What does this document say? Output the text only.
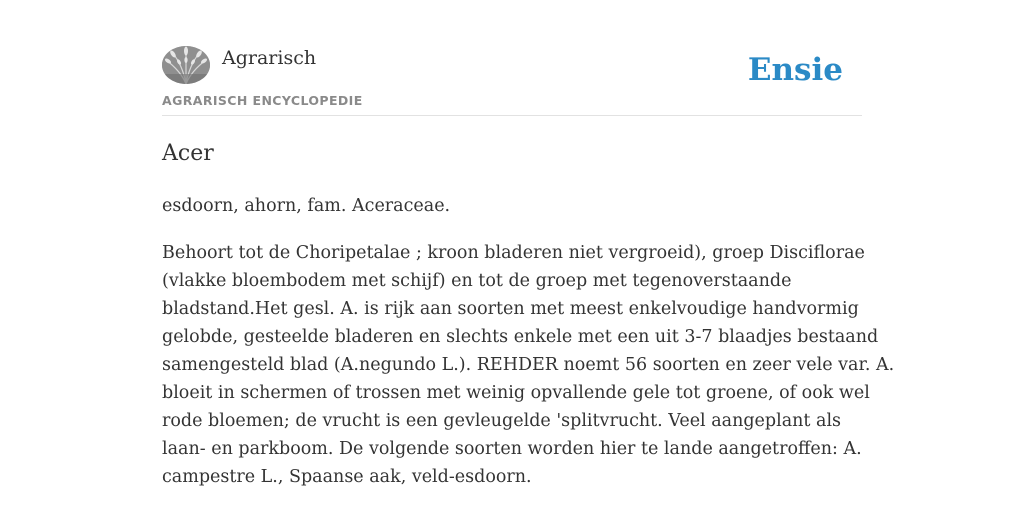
Agrarisch
AGRARISCH ENCYCLOPEDIE
Ensie
Acer

esdoorn, ahorn, fam. Aceraceae.

Behoort tot de Choripetalae ; kroon bladeren niet vergroeid), groep Disciflorae
(vlakke bloembodem met schijf) en tot de groep met tegenoverstaande
bladstand.Het gesl. A. is rijk aan soorten met meest enkelvoudige handvormig
gelobde, gesteelde bladeren en slechts enkele met een uit 3-7 blaadjes bestaand
samengesteld blad (A.negundo L.). REHDER noemt 56 soorten en zeer vele var. A.
bloeit in schermen of trossen met weinig opvallende gele tot groene, of ook wel
rode bloemen; de vrucht is een gevleugelde 'splitvrucht. Veel aangeplant als
laan- en parkboom. De volgende soorten worden hier te lande aangetroffen: A.
campestre L., Spaanse aak, veld-esdoorn.
